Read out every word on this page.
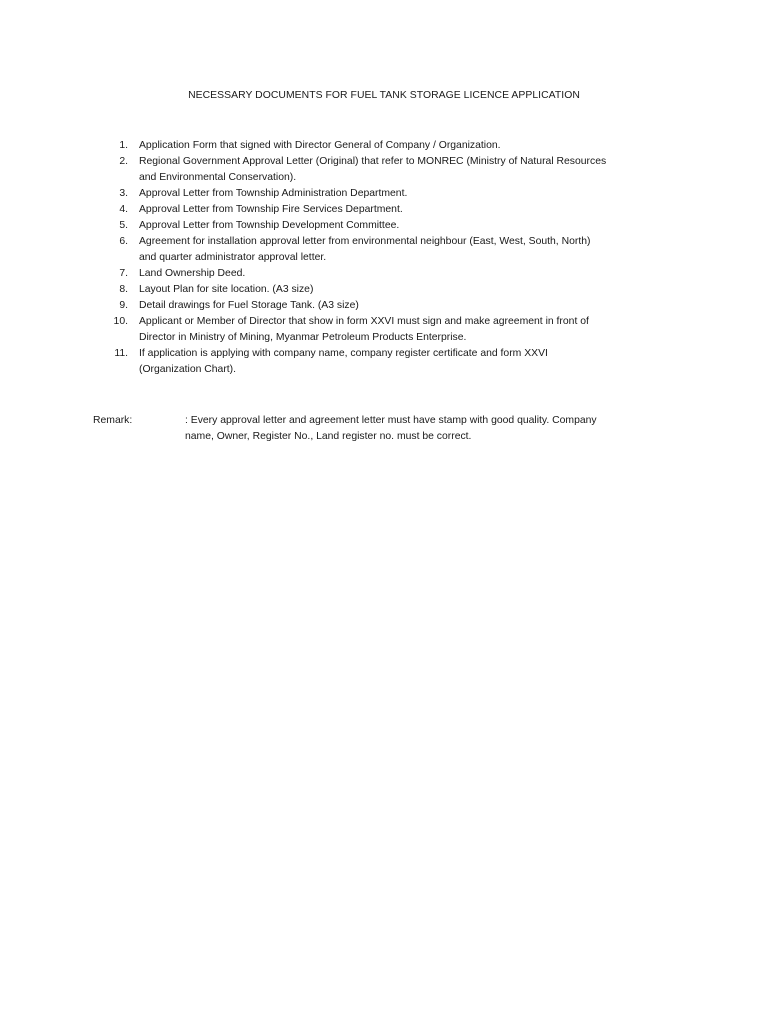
NECESSARY DOCUMENTS FOR FUEL TANK STORAGE LICENCE APPLICATION
1. Application Form that signed with Director General of Company / Organization.
2. Regional Government Approval Letter (Original) that refer to MONREC (Ministry of Natural Resources
and Environmental Conservation).
3. Approval Letter from Township Administration Department.
4. Approval Letter from Township Fire Services Department.
5. Approval Letter from Township Development Committee.
6. Agreement for installation approval letter from environmental neighbour (East, West, South, North)
and quarter administrator approval letter.
7. Land Ownership Deed.
8. Layout Plan for site location. (A3 size)
9. Detail drawings for Fuel Storage Tank. (A3 size)
10. Applicant or Member of Director that show in form XXVI must sign and make agreement in front of
Director in Ministry of Mining, Myanmar Petroleum Products Enterprise.
11. If application is applying with company name, company register certificate and form XXVI
(Organization Chart).
Remark:	: Every approval letter and agreement letter must have stamp with good quality. Company
name, Owner, Register No., Land register no. must be correct.
